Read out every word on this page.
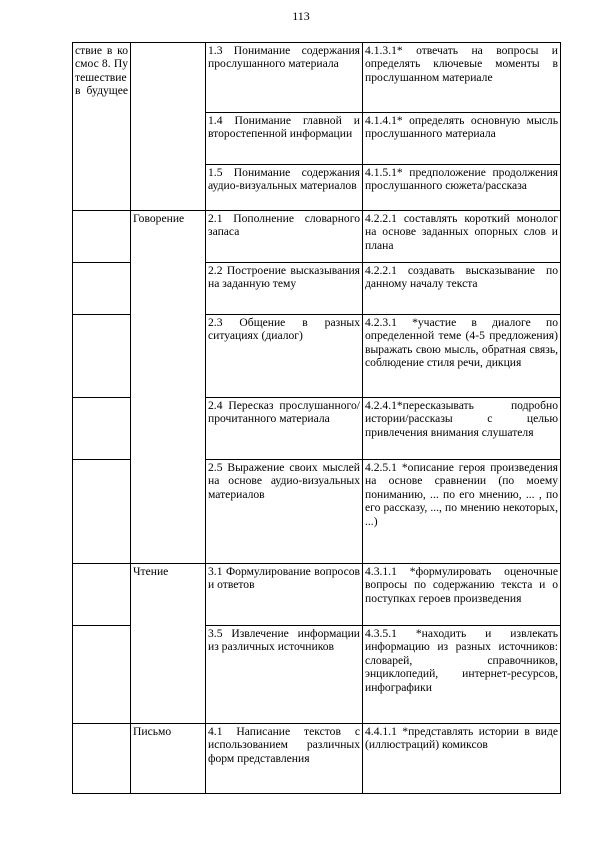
113
ствие в космос 8. Путешествие в будущее		1.3 Понимание содержания прослушанного материала	4.1.3.1* отвечать на вопросы и определять ключевые моменты в прослушанном материале
		1.4 Понимание главной и второстепенной информации	4.1.4.1* определять основную мысль прослушанного материала
		1.5 Понимание содержания аудио-визуальных материалов	4.1.5.1* предположение продолжения прослушанного сюжета/рассказа
	Говорение	2.1 Пополнение словарного запаса	4.2.2.1 составлять короткий монолог на основе заданных опорных слов и плана
		2.2 Построение высказывания на заданную тему	4.2.2.1 создавать высказывание по данному началу текста
		2.3 Общение в разных ситуациях (диалог)	4.2.3.1 *участие в диалоге по определенной теме (4-5 предложения) выражать свою мысль, обратная связь, соблюдение стиля речи, дикция
		2.4 Пересказ прослушанного/прочитанного материала	4.2.4.1*пересказывать подробно истории/рассказы с целью привлечения внимания слушателя
		2.5 Выражение своих мыслей на основе аудио-визуальных материалов	4.2.5.1 *описание героя произведения на основе сравнении (по моему пониманию, ... по его мнению, ... , по его рассказу, ..., по мнению некоторых, ...)
	Чтение	3.1 Формулирование вопросов и ответов	4.3.1.1 *формулировать оценочные вопросы по содержанию текста и о поступках героев произведения
		3.5 Извлечение информации из различных источников	4.3.5.1 *находить и извлекать информацию из разных источников: словарей, справочников, энциклопедий, интернет-ресурсов, инфографики
	Письмо	4.1 Написание текстов с использованием различных форм представления	4.4.1.1 *представлять истории в виде (иллюстраций) комиксов
